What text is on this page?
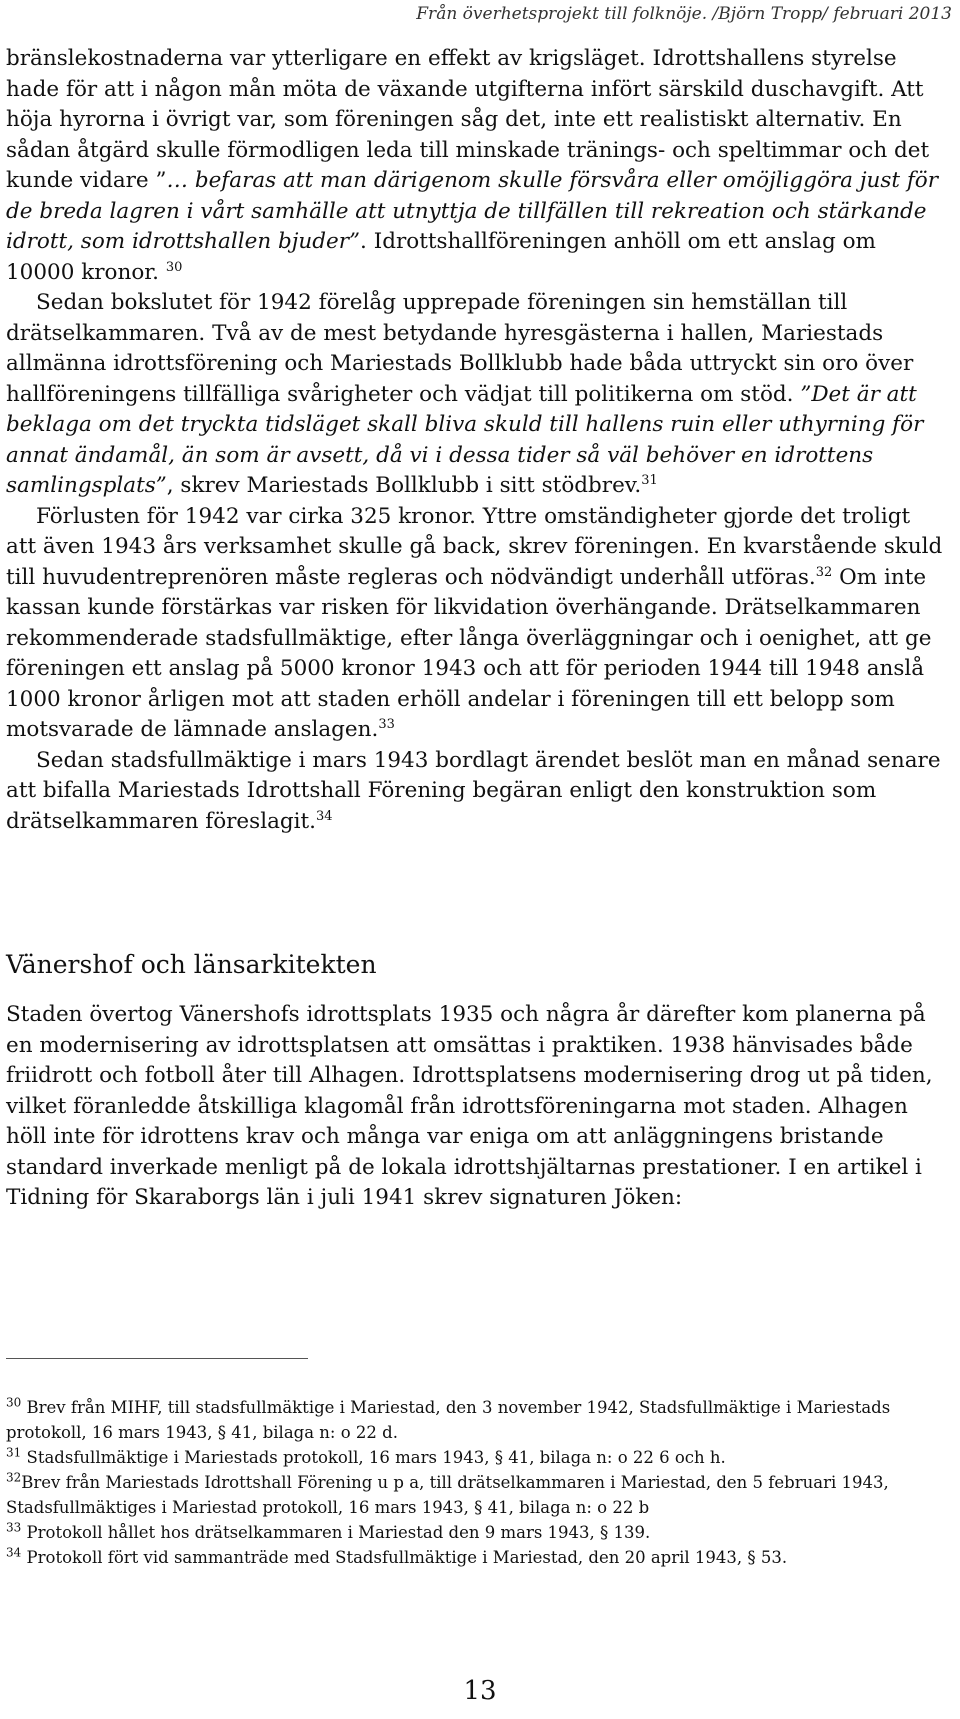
Från överhetsprojekt till folknöje. /Björn Tropp/ februari 2013

bränslekostnaderna var ytterligare en effekt av krigsläget. Idrottshallens styrelse hade för att i någon mån möta de växande utgifterna infört särskild duschavgift. Att höja hyrorna i övrigt var, som föreningen såg det, inte ett realistiskt alternativ. En sådan åtgärd skulle förmodligen leda till minskade tränings- och speltimmar och det kunde vidare ”… befaras att man därigenom skulle försvåra eller omöjliggöra just för de breda lagren i vårt samhälle att utnyttja de tillfällen till rekreation och stärkande idrott, som idrottshallen bjuder”. Idrottshallföreningen anhöll om ett anslag om 10000 kronor. $^{30}$

Sedan bokslutet för 1942 förelåg upprepade föreningen sin hemställan till drätselkammaren. Två av de mest betydande hyresgästerna i hallen, Mariestads allmänna idrottsförening och Mariestads Bollklubb hade båda uttryckt sin oro över hallföreningens tillfälliga svårigheter och vädjat till politikerna om stöd. ”Det är att beklaga om det tryckta tidsläget skall bliva skuld till hallens ruin eller uthyrning för annat ändamål, än som är avsett, då vi i dessa tider så väl behöver en idrottens samlingsplats”, skrev Mariestads Bollklubb i sitt stödbrev.$^{31}$

Förlusten för 1942 var cirka 325 kronor. Yttre omständigheter gjorde det troligt att även 1943 års verksamhet skulle gå back, skrev föreningen. En kvarstående skuld till huvudentreprenören måste regleras och nödvändigt underhåll utföras.$^{32}$ Om inte kassan kunde förstärkas var risken för likvidation överhängande. Drätselkammaren rekommenderade stadsfullmäktige, efter långa överläggningar och i oenighet, att ge föreningen ett anslag på 5000 kronor 1943 och att för perioden 1944 till 1948 anslå 1000 kronor årligen mot att staden erhöll andelar i föreningen till ett belopp som motsvarade de lämnade anslagen.$^{33}$

Sedan stadsfullmäktige i mars 1943 bordlagt ärendet beslöt man en månad senare att bifalla Mariestads Idrottshall Förening begäran enligt den konstruktion som drätselkammaren föreslagit.$^{34}$

Vänershof och länsarkitekten

Staden övertog Vänershofs idrottsplats 1935 och några år därefter kom planerna på en modernisering av idrottsplatsen att omsättas i praktiken. 1938 hänvisades både friidrott och fotboll åter till Alhagen. Idrottsplatsens modernisering drog ut på tiden, vilket föranledde åtskilliga klagomål från idrottsföreningarna mot staden. Alhagen höll inte för idrottens krav och många var eniga om att anläggningens bristande standard inverkade menligt på de lokala idrottshjältarnas prestationer. I en artikel i Tidning för Skaraborgs län i juli 1941 skrev signaturen Jöken:

$^{30}$ Brev från MIHF, till stadsfullmäktige i Mariestad, den 3 november 1942, Stadsfullmäktige i Mariestads protokoll, 16 mars 1943, § 41, bilaga n: o 22 d.

$^{31}$ Stadsfullmäktige i Mariestads protokoll, 16 mars 1943, § 41, bilaga n: o 22 6 och h.

$^{32}$Brev från Mariestads Idrottshall Förening u p a, till drätselkammaren i Mariestad, den 5 februari 1943, Stadsfullmäktiges i Mariestad protokoll, 16 mars 1943, § 41, bilaga n: o 22 b

$^{33}$ Protokoll hållet hos drätselkammaren i Mariestad den 9 mars 1943, § 139.

$^{34}$ Protokoll fört vid sammanträde med Stadsfullmäktige i Mariestad, den 20 april 1943, § 53.

13
